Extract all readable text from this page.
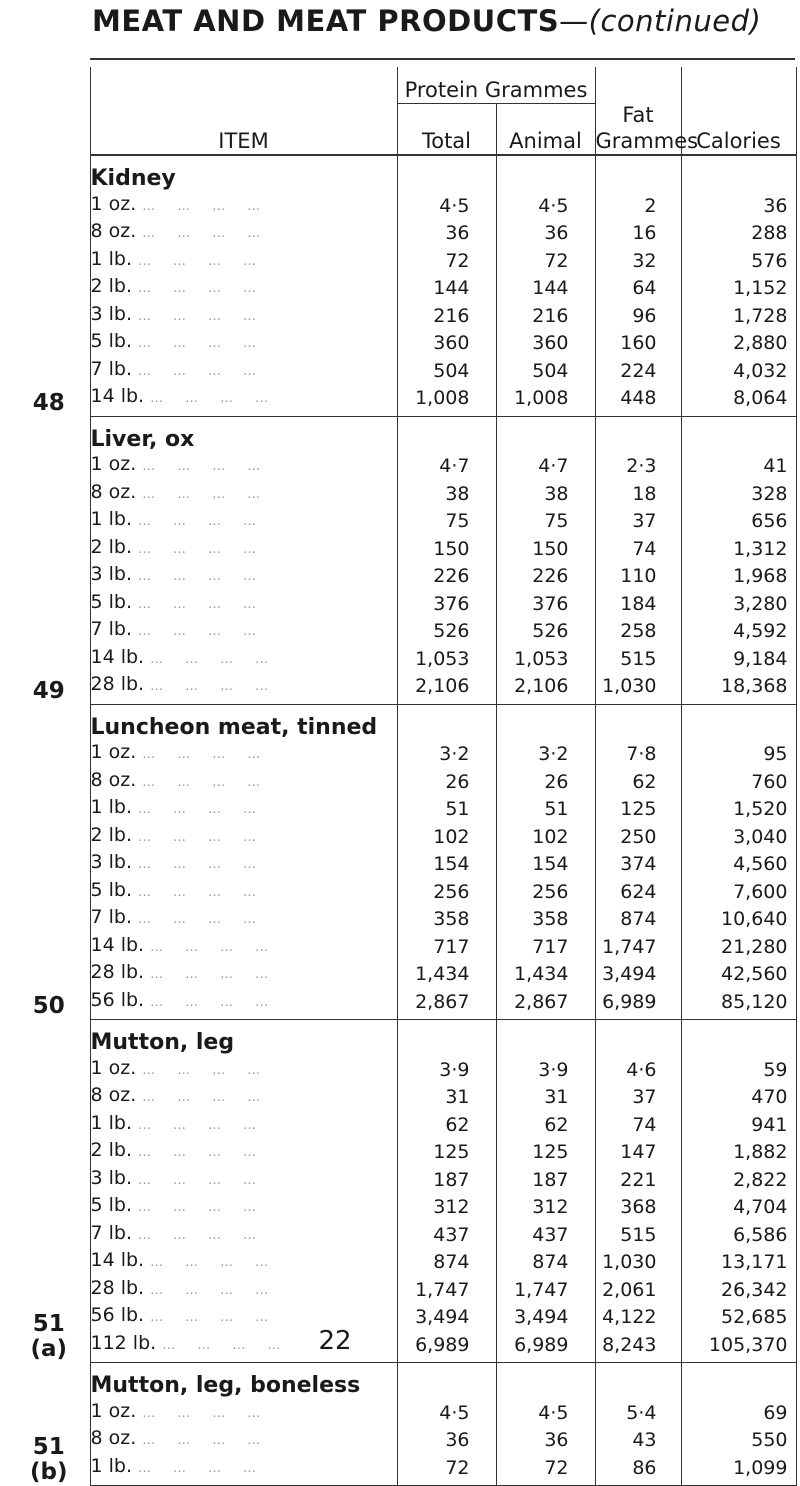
MEAT AND MEAT PRODUCTS—(continued)
	ITEM	Protein Grammes		Fat Grammes	Calories
		Total	Animal		

48	Kidney				
	1 oz. …………	4·5	4·5	2	36
	8 oz. …………	36	36	16	288
	1 lb. …………	72	72	32	576
	2 lb. …………	144	144	64	1,152
	3 lb. …………	216	216	96	1,728
	5 lb. …………	360	360	160	2,880
	7 lb. …………	504	504	224	4,032
	14 lb. …………	1,008	1,008	448	8,064

49	Liver, ox				
	1 oz. …………	4·7	4·7	2·3	41
	8 oz. …………	38	38	18	328
	1 lb. …………	75	75	37	656
	2 lb. …………	150	150	74	1,312
	3 lb. …………	226	226	110	1,968
	5 lb. …………	376	376	184	3,280
	7 lb. …………	526	526	258	4,592
	14 lb. …………	1,053	1,053	515	9,184
	28 lb. …………	2,106	2,106	1,030	18,368

50	Luncheon meat, tinned				
	1 oz. …………	3·2	3·2	7·8	95
	8 oz. …………	26	26	62	760
	1 lb. …………	51	51	125	1,520
	2 lb. …………	102	102	250	3,040
	3 lb. …………	154	154	374	4,560
	5 lb. …………	256	256	624	7,600
	7 lb. …………	358	358	874	10,640
	14 lb. …………	717	717	1,747	21,280
	28 lb. …………	1,434	1,434	3,494	42,560
	56 lb. …………	2,867	2,867	6,989	85,120

51
(a)	Mutton, leg				
	1 oz. …………	3·9	3·9	4·6	59
	8 oz. …………	31	31	37	470
	1 lb. …………	62	62	74	941
	2 lb. …………	125	125	147	1,882
	3 lb. …………	187	187	221	2,822
	5 lb. …………	312	312	368	4,704
	7 lb. …………	437	437	515	6,586
	14 lb. …………	874	874	1,030	13,171
	28 lb. …………	1,747	1,747	2,061	26,342
	56 lb. …………	3,494	3,494	4,122	52,685
	112 lb. …………	6,989	6,989	8,243	105,370

51
(b)	Mutton, leg, boneless				
	1 oz. …………	4·5	4·5	5·4	69
	8 oz. …………	36	36	43	550
	1 lb. …………	72	72	86	1,099
22
